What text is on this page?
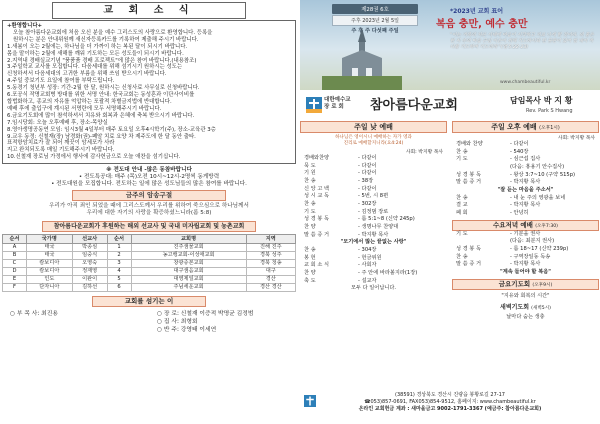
교 회 소 식
+환영합니다+
오늘 참아름다운교회에 처음 오신 분을 예수 그리스도의 사랑으로 환영합니다. 등록을
원하시는 분은 안내위원께 새신자등록카드를 기록하여 제출해 주시기 바랍니다.
1.새봄이 오는 2월에는, 하나님을 더 가까이 하는 복된 달이 되시기 바랍니다.
몸을 맡이하는 2월에 새해를 깨워 기도하는 모든 성도들이 되시기 바랍니다.
2.지역내 경배실교기념 "품품품 경배 프로젝트"에 많은 참여 바랍니다.(내용참조)
3.주일학교 교사를 모집합니다. 다음세대를 위해 섬기시기 원하시는 성도는
신청하셔서 다음세대의 고귀한 부름을 위해 쓰임 받으시기 바랍니다.
4.주일 중보기도 요일에 참여를 부탁드립니다.
5.동경기 청년부 성장: 기간-2월 한 달, 원하시는 신청사료 사무실로 신청바랍니다.
6.포공식 작명교회병 방대를 위한 서명 안내: 한국교회는 동성혼과 이단사이비를
합법화하고, 종교의 자유를 억압하는 포괄적 차별금지법에 반대합니다.
예배 후에 출입구에 계시된 서명란에 모두 서명해주시기 바랍니다.
6.금요기도회에 많이 참석하셔서 치유와 회복과 은혜에 축복 받으시기 바랍니다.
7.임시당회: 오늘 오후예배 후, 장소-목양실
8.영아생명공동연 모임: 임시3월 4일부터 매주 토요일 오후4시학기(주), 장소-교육관 3층
9.교우 동정: 신철재(장) 남경화(권)-폐암 치료 요양 차 제주도에 한 달 동안 출타.
표적항암치료가 잘 되어 깨끗이 암세포가 사라
지고 완치되도록 매일 기도해주시기 바랍니다.
10.신철재 장로님 가정에서 행사에 감사헌금으로 오늘 애찬을 섬기십니다.
※ 전도대 안내 -많은 동참바랍니다
• 전도특공대: 매주 (목)오전 10시~12시-2명씩 동게방력
• 전도대원을 모집합니다. 전도하는 일에 많은 성도님들의 많은 참여를 바랍니다.
금주의 암송구절
우리가 아직 죄인 되었을 때에 그리스도께서 우리를 위하여 죽으심으로 하나님께서
우리에 대한 자기의 사랑을 확증하셨느니라(롬 5:8)
참아름다운교회가 후원하는 해외 선교사 및 국내 미자립교회 및 농촌교회
순서	국가명	선교사	순서	교회명	지역
A	태국	박종심	1	진주샘물교회	진해 진주
B	태국	임중식	2	농고뱅교회-이성애교회	경북 성주
C	캄보디아	오영숙	3	창광증본교회	경북 청송
D	캄보디아	정재영	4	대구샘음교회	대구
E	인도	이완이	5	대영제일교회	경산
F	단자니아	김하선	6	주님세운교회	경산 경산
교회를 섬기는 이
○ 부 목 사: 최진용	○ 장 로: 신철재 이증적 박명균 김정범
○ 집 사: 최형회
○ 반 주: 강영태 이세연
제28권 6호
주후 2023년 2월 5일
주 후 주 다섯째 주일
*2023년 교회 표어
복음 충만, 예수 충만
"이는 거룩의 처른 서대에 마음이 시작하고 지로 나게 할 것이다. 위 불은 한 지 주의 마음 근심 이은이 위해 기도하시되 된 들판이 있어 힘 내어 자녀를 기도하며 기도리라 "(앱 5:22-23)
www.chambeautiful.kr
대한예수교
장 로 회	참아름다운교회	담임목사 박 지 황
Rev. Park S Hwang
주일 낮 예배
하나님은 영이시니 예배하는 자가 영과
진리로 예배할지니라(요4:24)
사회: 박지황 목사
경배와찬양	- 다같이
묵 도	- 다같이
기 원	- 다같이
찬 송	- 38장
신 앙 고 백	- 다같이
성 시 교 독	- 5번, 시 8편
찬 송	- 302장
기 도	- 김정범 장로
성 경 봉 독	- 롬 5:1~8 (신약 245p)
찬 양	- 생명나무 찬양대
말 씀 증 거	- 박지황 목사
"모기에서 많는 끝없는 사랑"
찬 송	- 304장
봉 헌	- 헌금위원
교 회 소 식	- 사회자
찬 양	- 주 안에 바라볼지라(1장)
축 도	- 설교자
모두 다 일어납니다.
주일 오후 예배 (오후1시)
사회: 박지황 목사
경배와 찬양	- 다같이
찬 송	- 540장
기 도	- 심근섭 집사
(다음: 홍용기 안수집사)
성 경 봉 독	- 왕상 3:7~10 (구약 515p)
말 씀 증 거	- 박지황 목사
"잘 듣는 마음을 주소서"
찬 송	- 내 눈 주의 영광을 보네
결 교	- 박지황 목사
폐 회	- 안녕히
수요저녁 예배 (오후7:30)
기 도	- 기분을 권사
(다음: 최분지 권사)
성 경 봉 독	- 롬 18~17 (신약 239p)
찬 송	- 구역장일동 독송
말 씀 증 거	- 박지황 목사
"계속 들어야 할 복음"
금요기도회 (오후9시)
"지유와 회복의 시간"
새벽기도회 (새벽5시)
날마다 숨는 생충
(38591) 경상북도 경산시 진량읍 봉황로길 27-17
☎053)857-0691, FAX053)854-9512, 홈페이지: www.chambeautiful.kr
온라인 교회헌금 계좌 : 새마을금고 9002-1791-3367 (예금주: 참아름다운교회)
